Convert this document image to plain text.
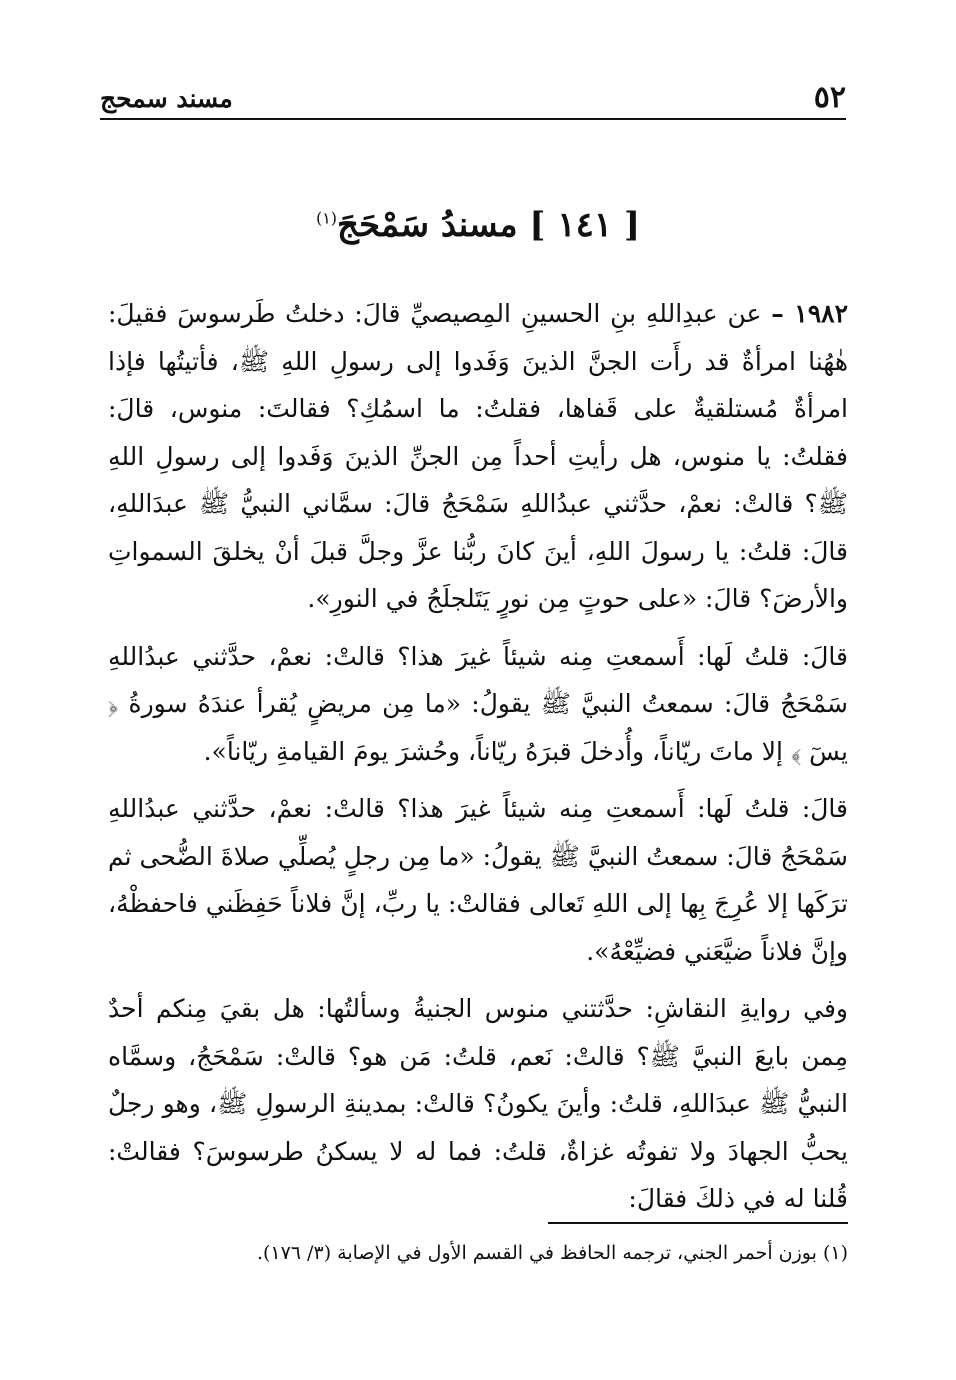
٥٢
مسند سمحج
[ ١٤١ ] مسندُ سَمْحَجَ$^{(١)}$

١٩٨٢ – عن عبدِاللهِ بنِ الحسينِ المِصيصيِّ قالَ: دخلتُ طَرسوسَ فقيلَ: هٰهُنا امرأةٌ قد رأَت الجنَّ الذينَ وَفَدوا إلى رسولِ اللهِ ﷺ، فأتيتُها فإذا امرأةٌ مُستلقيةٌ على قَفاها، فقلتُ: ما اسمُكِ؟ فقالتَ: منوس، قالَ: فقلتُ: يا منوس، هل رأيتِ أحداً مِن الجنِّ الذينَ وَفَدوا إلى رسولِ اللهِ ﷺ؟ قالتْ: نعمْ، حدَّثني عبدُاللهِ سَمْحَجُ قالَ: سمَّاني النبيُّ ﷺ عبدَاللهِ، قالَ: قلتُ: يا رسولَ اللهِ، أينَ كانَ ربُّنا عزَّ وجلَّ قبلَ أنْ يخلقَ السمواتِ والأرضَ؟ قالَ: «على حوتٍ مِن نورٍ يَتَلجلَجُ في النورِ».

قالَ: قلتُ لَها: أَسمعتِ مِنه شيئاً غيرَ هذا؟ قالتْ: نعمْ، حدَّثني عبدُاللهِ سَمْحَجُ قالَ: سمعتُ النبيَّ ﷺ يقولُ: «ما مِن مريضٍ يُقرأ عندَهُ سورةُ ﴿ يسٓ ﴾ إلا ماتَ ريّاناً، وأُدخلَ قبرَهُ ريّاناً، وحُشرَ يومَ القيامةِ ريّاناً».

قالَ: قلتُ لَها: أَسمعتِ مِنه شيئاً غيرَ هذا؟ قالتْ: نعمْ، حدَّثني عبدُاللهِ سَمْحَجُ قالَ: سمعتُ النبيَّ ﷺ يقولُ: «ما مِن رجلٍ يُصلِّي صلاةَ الضُّحى ثم ترَكَها إلا عُرِجَ بِها إلى اللهِ تَعالى فقالتْ: يا ربِّ، إنَّ فلاناً حَفِظَني فاحفظْهُ، وإنَّ فلاناً ضيَّعَني فضيِّعْهُ».

وفي روايةِ النقاشِ: حدَّثتني منوس الجنيةُ وسألتُها: هل بقيَ مِنكم أحدٌ مِمن بايعَ النبيَّ ﷺ؟ قالتْ: نَعم، قلتُ: مَن هو؟ قالتْ: سَمْحَجُ، وسمَّاه النبيُّ ﷺ عبدَاللهِ، قلتُ: وأينَ يكونُ؟ قالتْ: بمدينةِ الرسولِ ﷺ، وهو رجلٌ يحبُّ الجهادَ ولا تفوتُه غزاةٌ، قلتُ: فما له لا يسكنُ طرسوسَ؟ فقالتْ: قُلنا له في ذلكَ فقالَ:

(١) بوزن أحمر الجني، ترجمه الحافظ في القسم الأول في الإصابة (٣/ ١٧٦).
